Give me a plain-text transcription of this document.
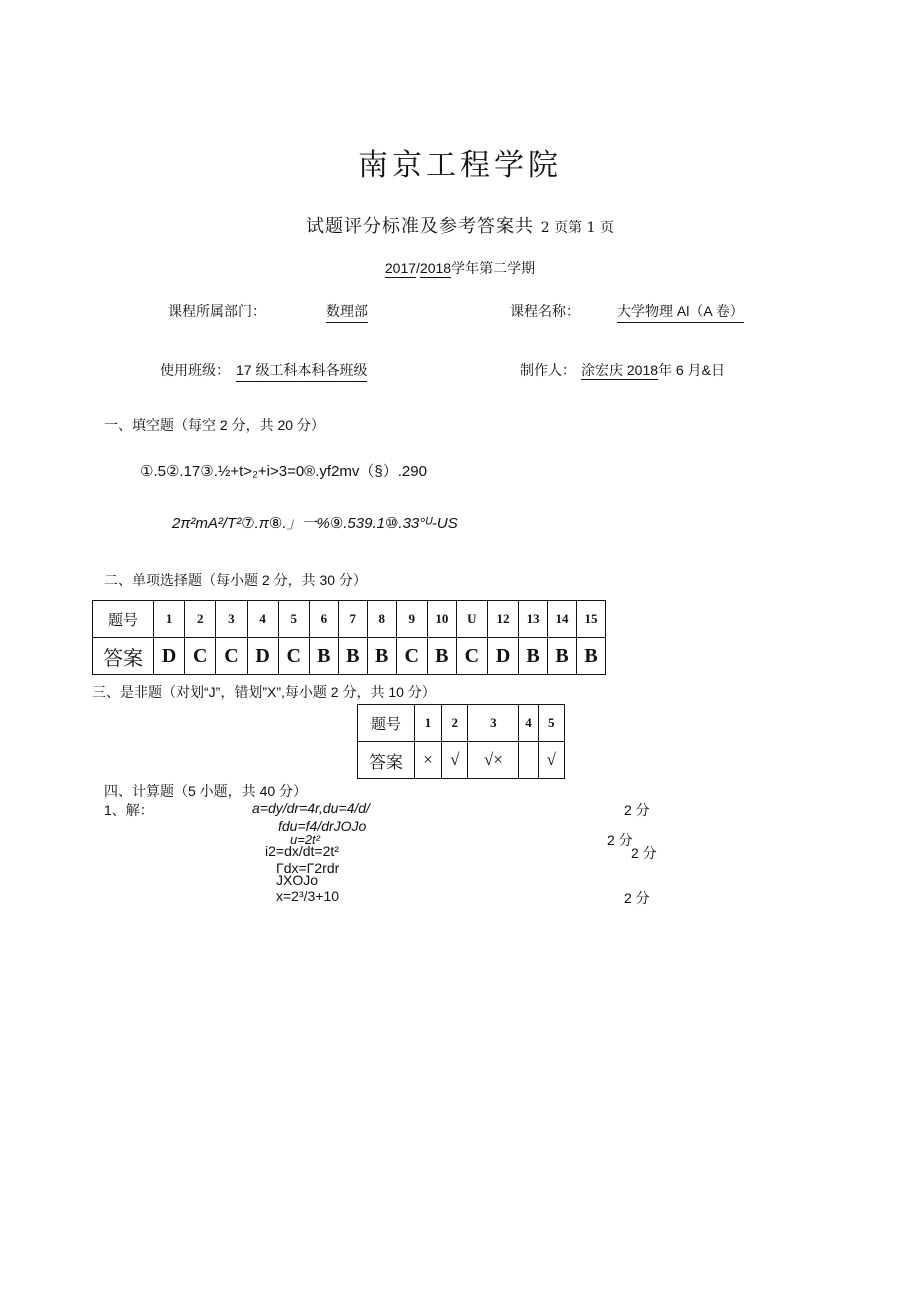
南京工程学院
试题评分标准及参考答案共 2 页第 1 页
2017/2018学年第二学期
课程所属部门：	数理部	课程名称：	大学物理 Al（A 卷）
使用班级： 17 级工科本科各班级	制作人： 涂宏庆 2018年 6 月&日
一、填空题（每空 2 分，共 20 分）
①.5②.17③.½+t>₂+i>3=0®.yf2mv（§）.290
2π²mA²/T²⑦.π⑧.」一%⑨.539.1⑩.33°ᵁ-US
二、单项选择题（每小题 2 分，共 30 分）
题号	1	2	3	4	5	6	7	8	9	10	U	12	13	14	15
答案	D	C	C	D	C	B	B	B	C	B	C	D	B	B	B
三、是非题（对划“J”，错划”X”,每小题 2 分，共 10 分）
题号	1	2	3	4	5
答案	×	√	√×		√
四、计算题（5 小题，共 40 分）
1、解：	a=dy/dr=4r,du=4/d/
fdu=f4/drJOJo
u=2t²
i2=dx/dt=2t²
Γdx=Γ2rdr
JXOJo
x=2³/3+10
2 分
2 分
2 分
2 分
